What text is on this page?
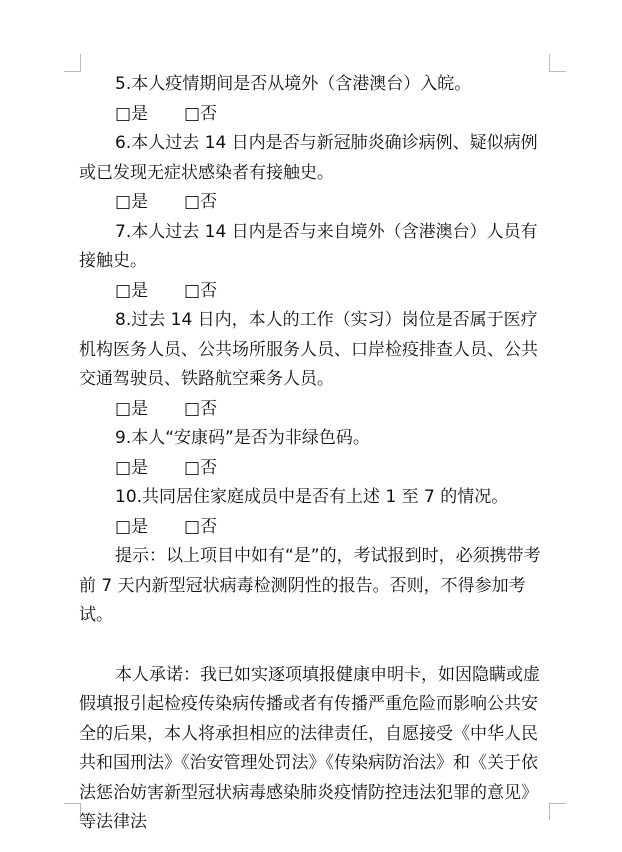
5.本人疫情期间是否从境外（含港澳台）入皖。

□是 □否

6.本人过去 14 日内是否与新冠肺炎确诊病例、疑似病例或已发现无症状感染者有接触史。

□是 □否

7.本人过去 14 日内是否与来自境外（含港澳台）人员有接触史。

□是 □否

8.过去 14 日内，本人的工作（实习）岗位是否属于医疗机构医务人员、公共场所服务人员、口岸检疫排查人员、公共交通驾驶员、铁路航空乘务人员。

□是 □否

9.本人“安康码”是否为非绿色码。

□是 □否

10.共同居住家庭成员中是否有上述 1 至 7 的情况。

□是 □否

提示：以上项目中如有“是”的，考试报到时，必须携带考前 7 天内新型冠状病毒检测阴性的报告。否则，不得参加考试。

本人承诺：我已如实逐项填报健康申明卡，如因隐瞒或虚假填报引起检疫传染病传播或者有传播严重危险而影响公共安全的后果，本人将承担相应的法律责任，自愿接受《中华人民共和国刑法》《治安管理处罚法》《传染病防治法》和《关于依法惩治妨害新型冠状病毒感染肺炎疫情防控违法犯罪的意见》等法律法
